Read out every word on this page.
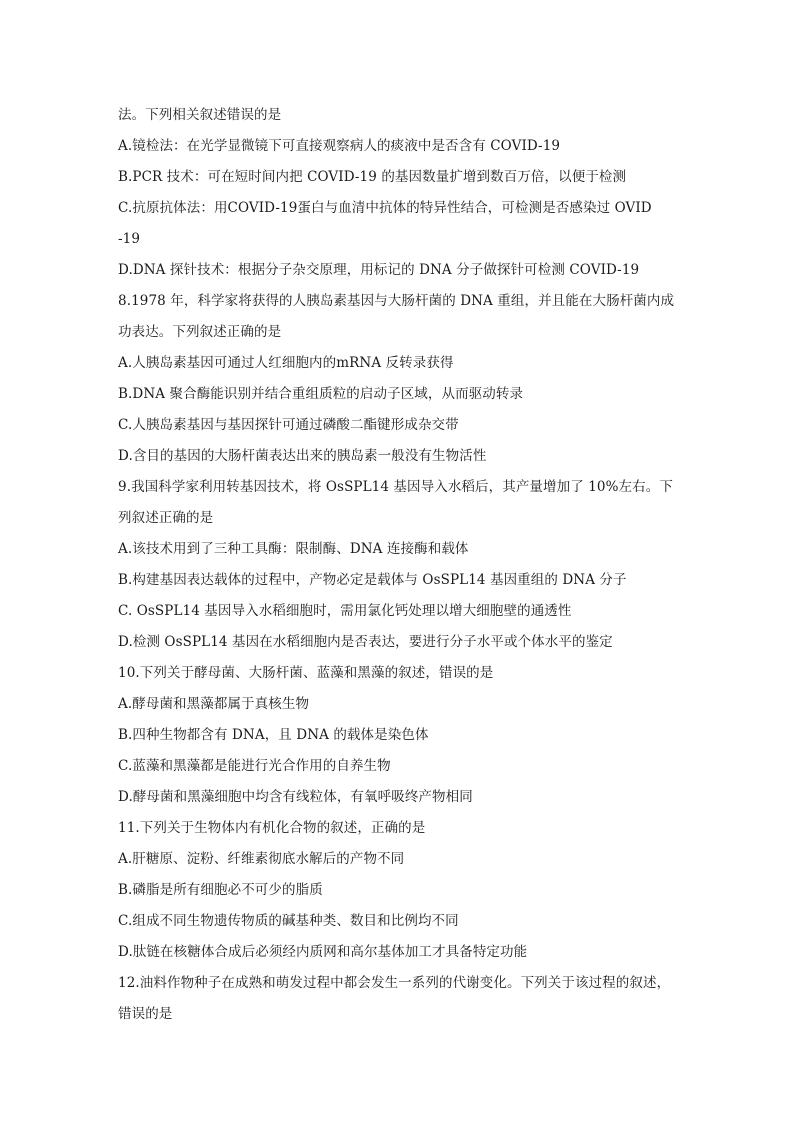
法。下列相关叙述错误的是
A.镜检法：在光学显微镜下可直接观察病人的痰液中是否含有 COVID-19
B.PCR 技术：可在短时间内把 COVID-19 的基因数量扩增到数百万倍，以便于检测
C.抗原抗体法：用COVID-19蛋白与血清中抗体的特异性结合，可检测是否感染过 OVID
-19
D.DNA 探针技术：根据分子杂交原理，用标记的 DNA 分子做探针可检测 COVID-19
8.1978 年，科学家将获得的人胰岛素基因与大肠杆菌的 DNA 重组，并且能在大肠杆菌内成
功表达。下列叙述正确的是
A.人胰岛素基因可通过人红细胞内的mRNA 反转录获得
B.DNA 聚合酶能识别并结合重组质粒的启动子区域，从而驱动转录
C.人胰岛素基因与基因探针可通过磷酸二酯键形成杂交带
D.含目的基因的大肠杆菌表达出来的胰岛素一般没有生物活性
9.我国科学家利用转基因技术，将 OsSPL14 基因导入水稻后，其产量增加了 10%左右。下
列叙述正确的是
A.该技术用到了三种工具酶：限制酶、DNA 连接酶和载体
B.构建基因表达载体的过程中，产物必定是载体与 OsSPL14 基因重组的 DNA 分子
C. OsSPL14 基因导入水稻细胞时，需用氯化钙处理以增大细胞壁的通透性
D.检测 OsSPL14 基因在水稻细胞内是否表达，要进行分子水平或个体水平的鉴定
10.下列关于酵母菌、大肠杆菌、蓝藻和黑藻的叙述，错误的是
A.酵母菌和黑藻都属于真核生物
B.四种生物都含有 DNA，且 DNA 的载体是染色体
C.蓝藻和黑藻都是能进行光合作用的自养生物
D.酵母菌和黑藻细胞中均含有线粒体，有氧呼吸终产物相同
11.下列关于生物体内有机化合物的叙述，正确的是
A.肝糖原、淀粉、纤维素彻底水解后的产物不同
B.磷脂是所有细胞必不可少的脂质
C.组成不同生物遗传物质的碱基种类、数目和比例均不同
D.肽链在核糖体合成后必须经内质网和高尔基体加工才具备特定功能
12.油料作物种子在成熟和萌发过程中都会发生一系列的代谢变化。下列关于该过程的叙述，
错误的是
